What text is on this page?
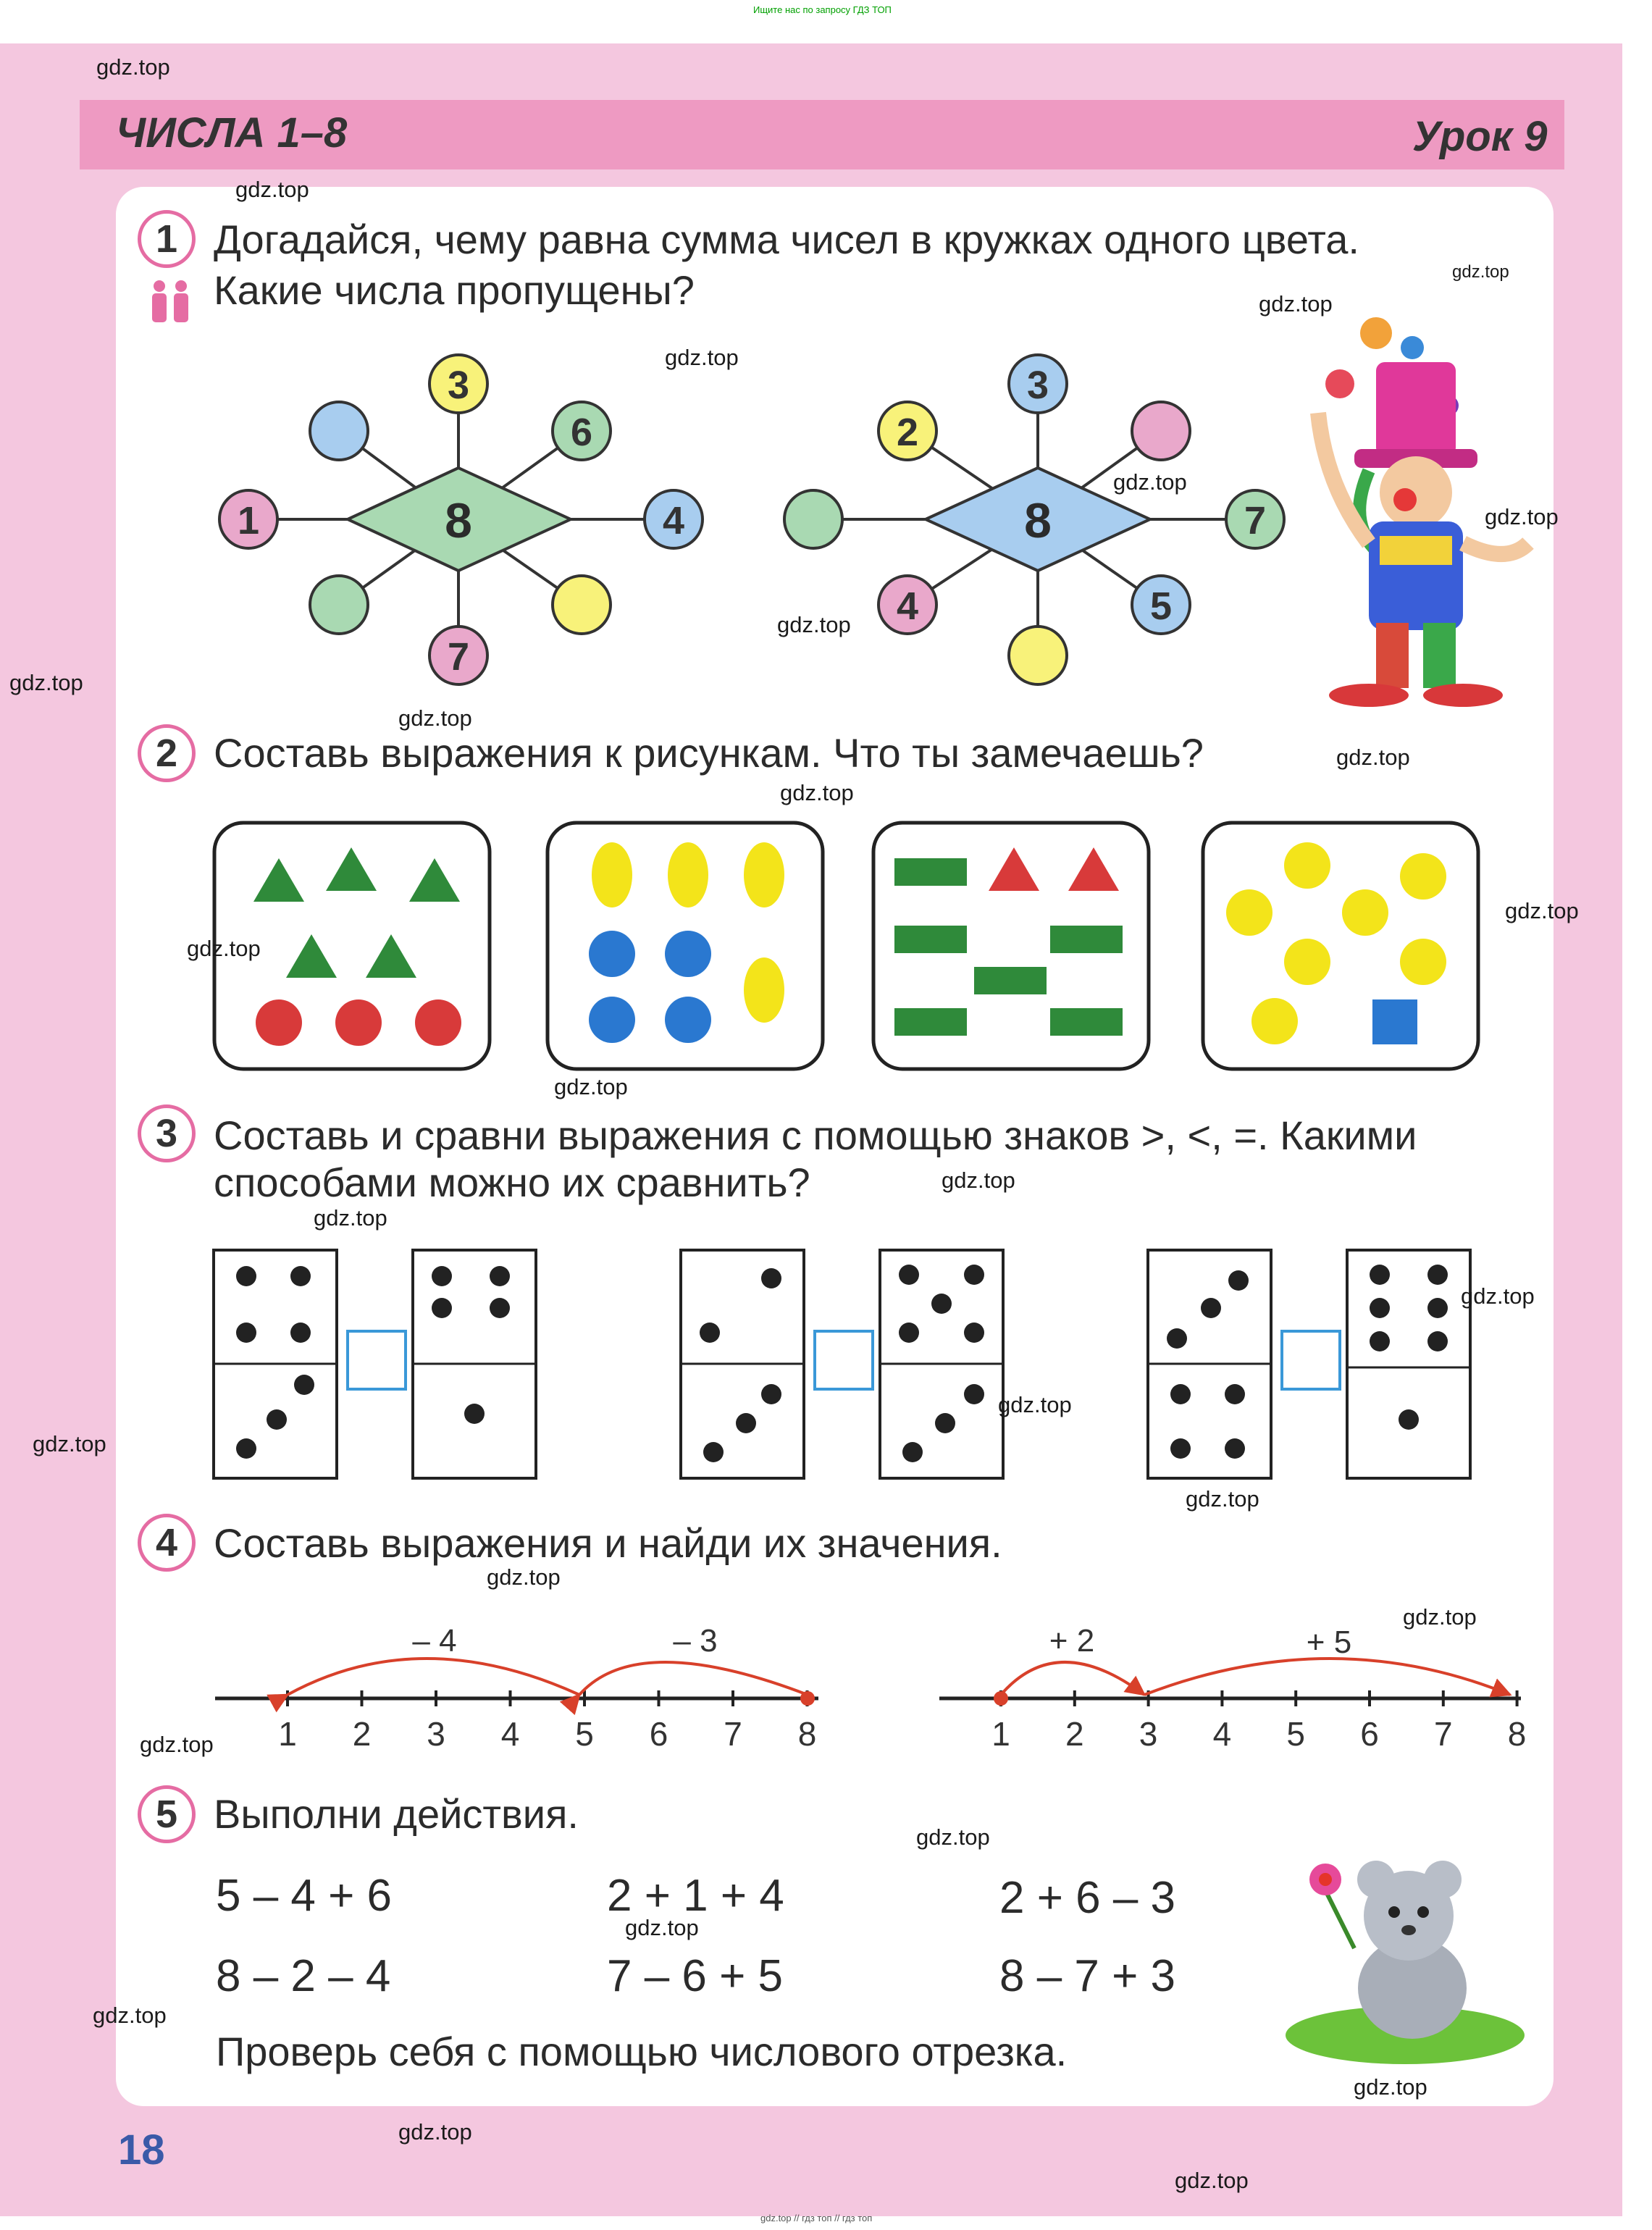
Ищите нас по запросу ГДЗ ТОП
ЧИСЛА 1–8	Урок 9
1 Догадайся, чему равна сумма чисел в кружках одного цвета.
Какие числа пропущены?
8
3
6
4
7
1	8
3
2
7
5
4
2 Составь выражения к рисункам. Что ты замечаешь?
3 Составь и сравни выражения с помощью знаков >, <, =. Какими
способами можно их сравнить?
4 Составь выражения и найди их значения.
1 2 3 4 5 6 7 8
– 4	– 3
1 2 3 4 5 6 7 8
+ 2	+ 5
5 Выполни действия.
5 – 4 + 6	2 + 1 + 4	2 + 6 – 3
8 – 2 – 4	7 – 6 + 5	8 – 7 + 3
Проверь себя с помощью числового отрезка.
18
gdz.top // гдз топ // гдз топ
gdz.top
gdz.top
gdz.top
gdz.top
gdz.top
gdz.top
gdz.top
gdz.top
gdz.top
gdz.top
gdz.top
gdz.top
gdz.top
gdz.top
gdz.top
gdz.top
gdz.top
gdz.top
gdz.top
gdz.top
gdz.top
gdz.top
gdz.top
gdz.top
gdz.top
gdz.top
gdz.top
gdz.top
gdz.top
gdz.top
